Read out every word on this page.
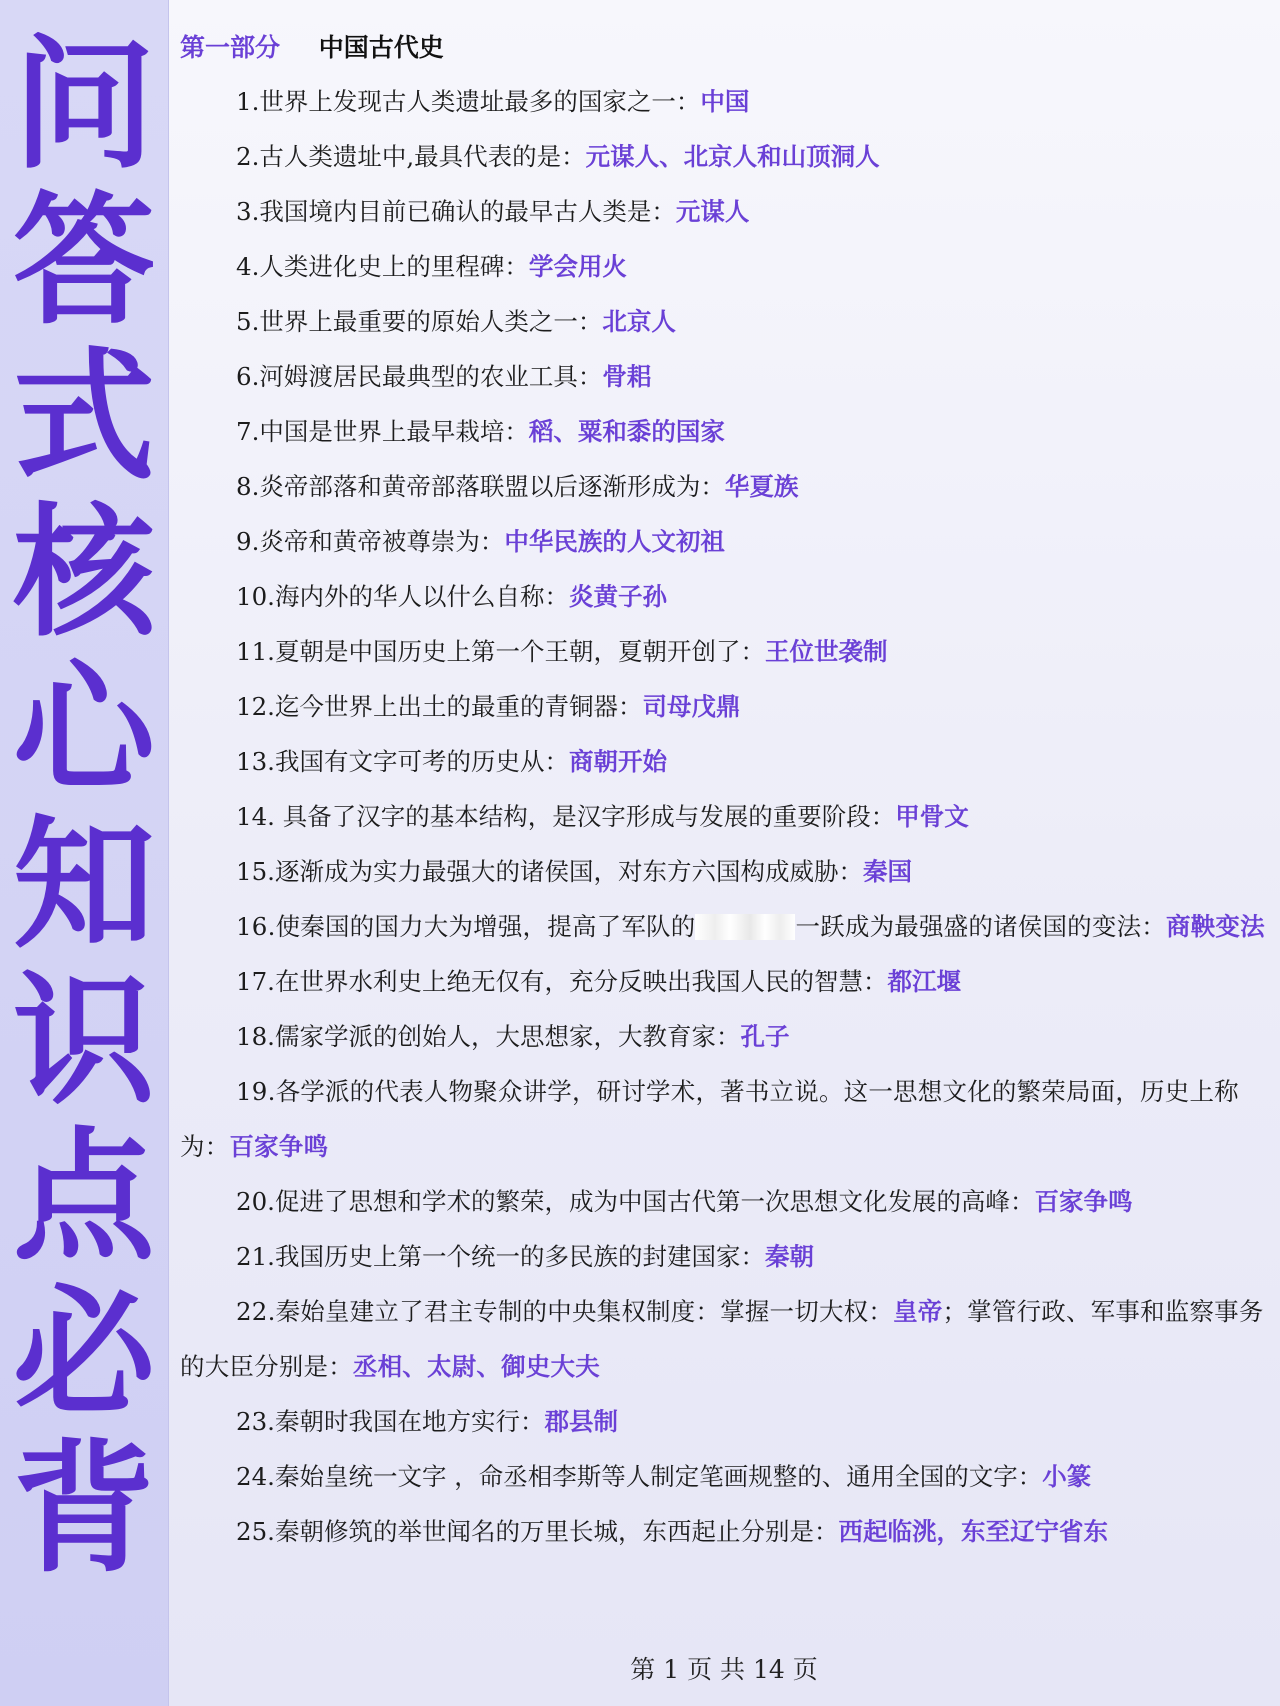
问
答
式
核
心
知
识
点
必
背
第一部分 中国古代史

1.世界上发现古人类遗址最多的国家之一：中国

2.古人类遗址中,最具代表的是：元谋人、北京人和山顶洞人

3.我国境内目前已确认的最早古人类是：元谋人

4.人类进化史上的里程碑：学会用火

5.世界上最重要的原始人类之一：北京人

6.河姆渡居民最典型的农业工具：骨耜

7.中国是世界上最早栽培：稻、粟和黍的国家

8.炎帝部落和黄帝部落联盟以后逐渐形成为：华夏族

9.炎帝和黄帝被尊崇为：中华民族的人文初祖

10.海内外的华人以什么自称：炎黄子孙

11.夏朝是中国历史上第一个王朝，夏朝开创了：王位世袭制

12.迄今世界上出土的最重的青铜器：司母戊鼎

13.我国有文字可考的历史从：商朝开始

14. 具备了汉字的基本结构，是汉字形成与发展的重要阶段：甲骨文

15.逐渐成为实力最强大的诸侯国，对东方六国构成威胁：秦国

16.使秦国的国力大为增强，提高了军队的	一跃成为最强盛的诸侯国的变法：商鞅变法

17.在世界水利史上绝无仅有，充分反映出我国人民的智慧：都江堰

18.儒家学派的创始人，大思想家，大教育家：孔子

19.各学派的代表人物聚众讲学，研讨学术，著书立说。这一思想文化的繁荣局面，历史上称为：百家争鸣

20.促进了思想和学术的繁荣，成为中国古代第一次思想文化发展的高峰：百家争鸣

21.我国历史上第一个统一的多民族的封建国家：秦朝

22.秦始皇建立了君主专制的中央集权制度：掌握一切大权：皇帝；掌管行政、军事和监察事务的大臣分别是：丞相、太尉、御史大夫

23.秦朝时我国在地方实行：郡县制

24.秦始皇统一文字 ，命丞相李斯等人制定笔画规整的、通用全国的文字：小篆

25.秦朝修筑的举世闻名的万里长城，东西起止分别是：西起临洮，东至辽宁省东

第 1 页 共 14 页
